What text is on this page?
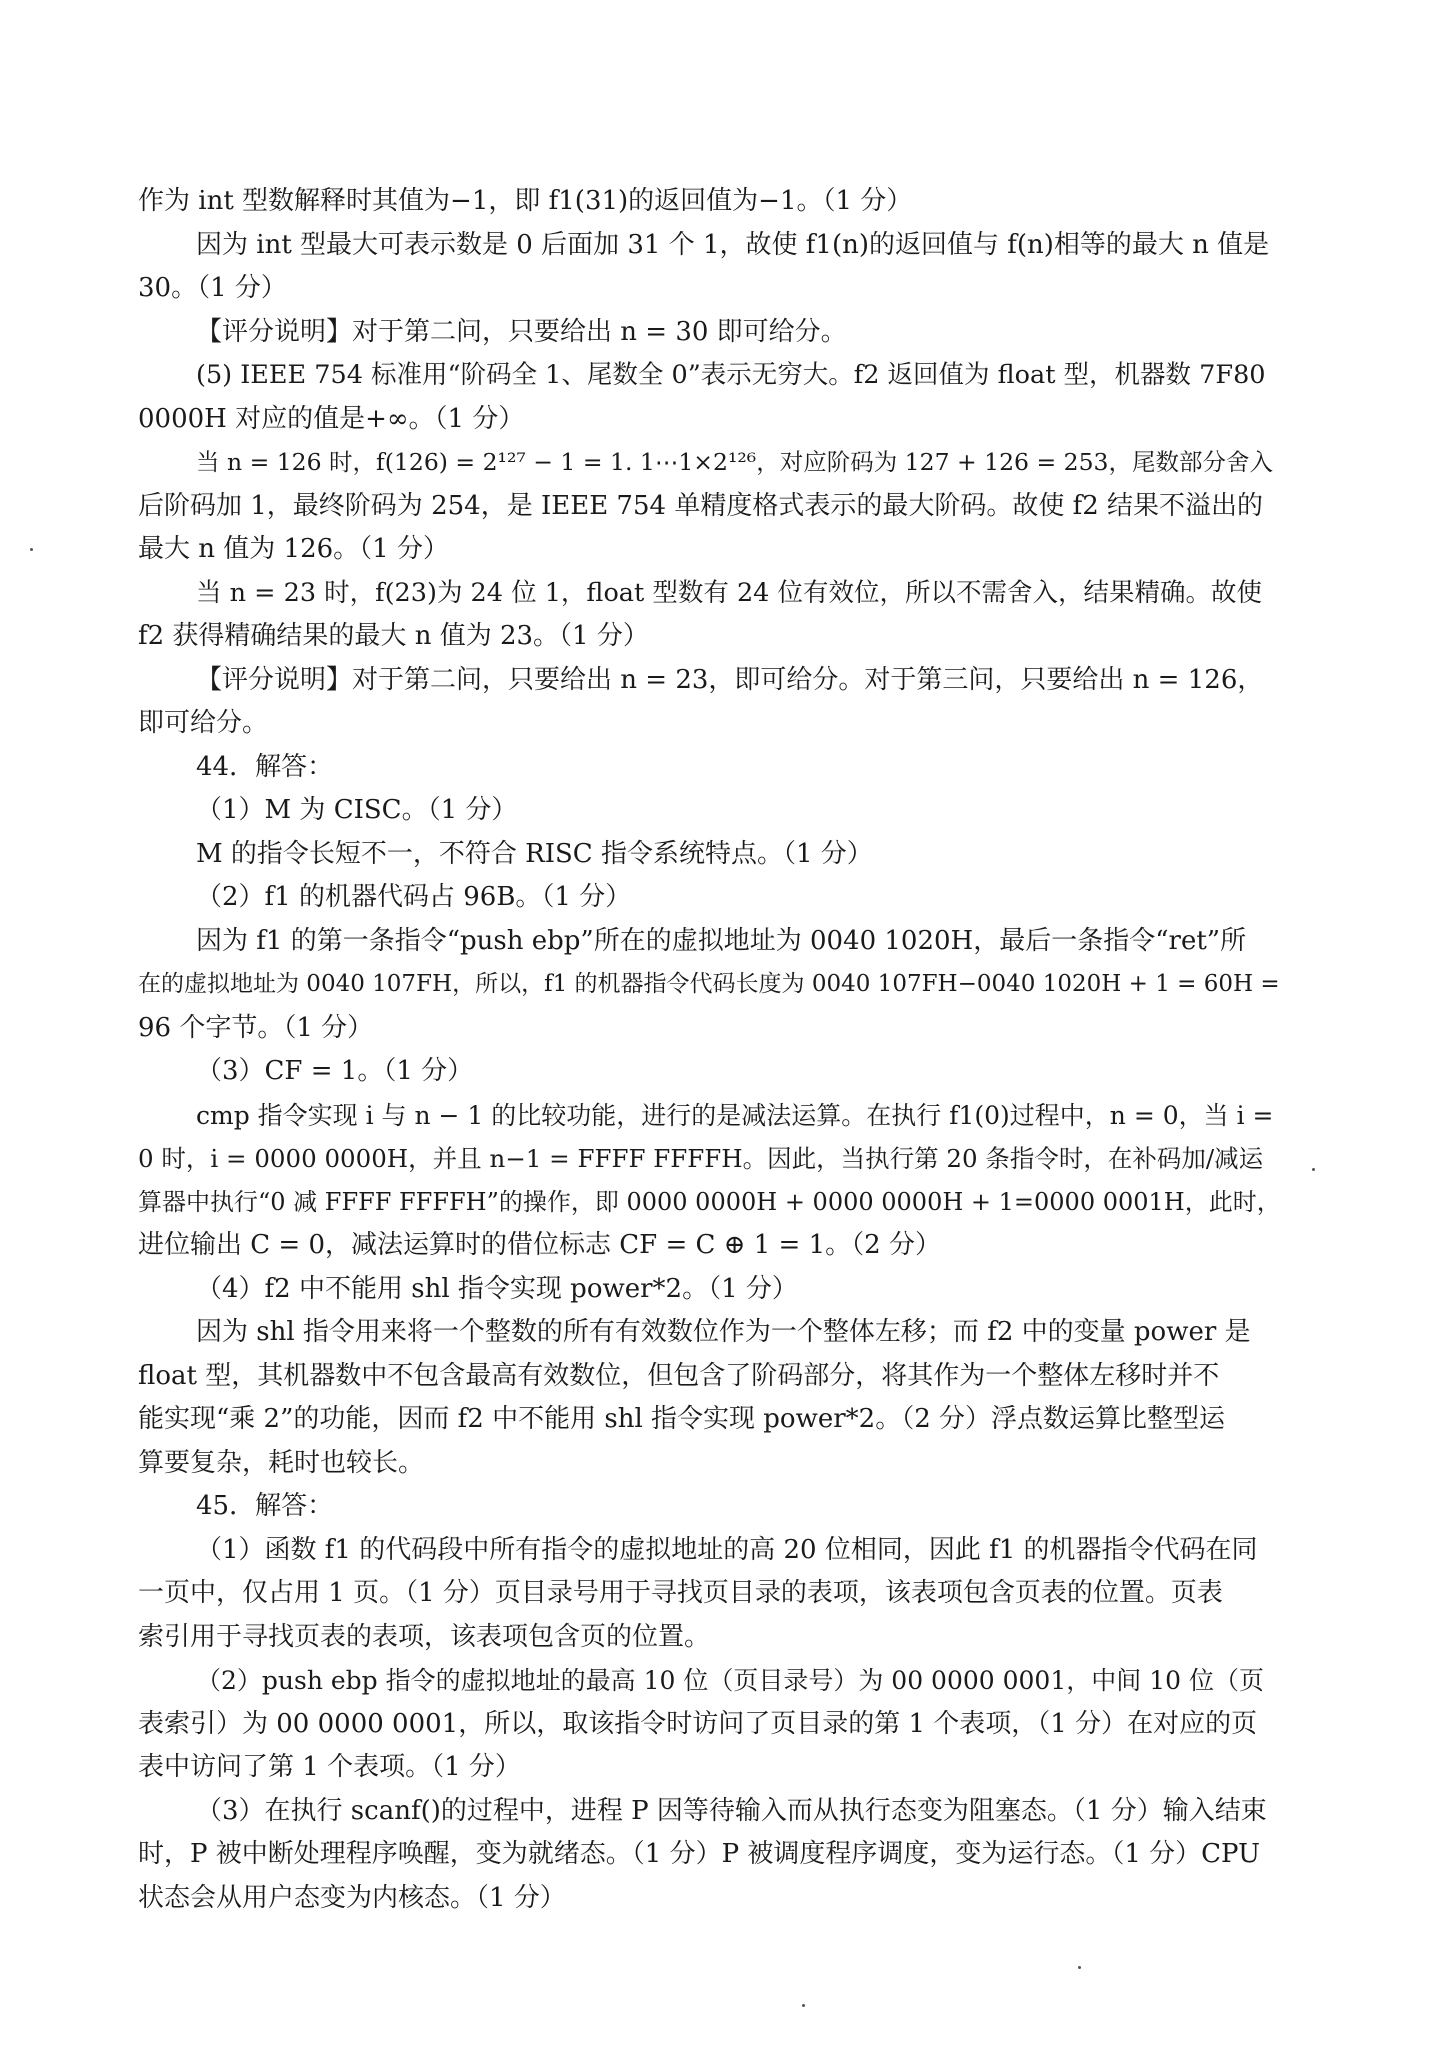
作为 int 型数解释时其值为−1，即 f1(31)的返回值为−1。（1 分）
因为 int 型最大可表示数是 0 后面加 31 个 1，故使 f1(n)的返回值与 f(n)相等的最大 n 值是
30。（1 分）
【评分说明】对于第二问，只要给出 n = 30 即可给分。
(5) IEEE 754 标准用“阶码全 1、尾数全 0”表示无穷大。f2 返回值为 float 型，机器数 7F80
0000H 对应的值是+∞。（1 分）
当 n = 126 时，f(126) = 2¹²⁷ − 1 = 1. 1⋯1×2¹²⁶，对应阶码为 127 + 126 = 253，尾数部分舍入
后阶码加 1，最终阶码为 254，是 IEEE 754 单精度格式表示的最大阶码。故使 f2 结果不溢出的
最大 n 值为 126。（1 分）
当 n = 23 时，f(23)为 24 位 1，float 型数有 24 位有效位，所以不需舍入，结果精确。故使
f2 获得精确结果的最大 n 值为 23。（1 分）
【评分说明】对于第二问，只要给出 n = 23，即可给分。对于第三问，只要给出 n = 126，
即可给分。
44．解答：
（1）M 为 CISC。（1 分）
M 的指令长短不一，不符合 RISC 指令系统特点。（1 分）
（2）f1 的机器代码占 96B。（1 分）
因为 f1 的第一条指令“push ebp”所在的虚拟地址为 0040 1020H，最后一条指令“ret”所
在的虚拟地址为 0040 107FH，所以，f1 的机器指令代码长度为 0040 107FH−0040 1020H + 1 = 60H =
96 个字节。（1 分）
（3）CF = 1。（1 分）
cmp 指令实现 i 与 n − 1 的比较功能，进行的是减法运算。在执行 f1(0)过程中，n = 0，当 i =
0 时，i = 0000 0000H，并且 n−1 = FFFF FFFFH。因此，当执行第 20 条指令时，在补码加/减运
算器中执行“0 减 FFFF FFFFH”的操作，即 0000 0000H + 0000 0000H + 1=0000 0001H，此时，
进位输出 C = 0，减法运算时的借位标志 CF = C ⊕ 1 = 1。（2 分）
（4）f2 中不能用 shl 指令实现 power*2。（1 分）
因为 shl 指令用来将一个整数的所有有效数位作为一个整体左移；而 f2 中的变量 power 是
float 型，其机器数中不包含最高有效数位，但包含了阶码部分，将其作为一个整体左移时并不
能实现“乘 2”的功能，因而 f2 中不能用 shl 指令实现 power*2。（2 分）浮点数运算比整型运
算要复杂，耗时也较长。
45．解答：
（1）函数 f1 的代码段中所有指令的虚拟地址的高 20 位相同，因此 f1 的机器指令代码在同
一页中，仅占用 1 页。（1 分）页目录号用于寻找页目录的表项，该表项包含页表的位置。页表
索引用于寻找页表的表项，该表项包含页的位置。
（2）push ebp 指令的虚拟地址的最高 10 位（页目录号）为 00 0000 0001，中间 10 位（页
表索引）为 00 0000 0001，所以，取该指令时访问了页目录的第 1 个表项，（1 分）在对应的页
表中访问了第 1 个表项。（1 分）
（3）在执行 scanf()的过程中，进程 P 因等待输入而从执行态变为阻塞态。（1 分）输入结束
时，P 被中断处理程序唤醒，变为就绪态。（1 分）P 被调度程序调度，变为运行态。（1 分）CPU
状态会从用户态变为内核态。（1 分）
